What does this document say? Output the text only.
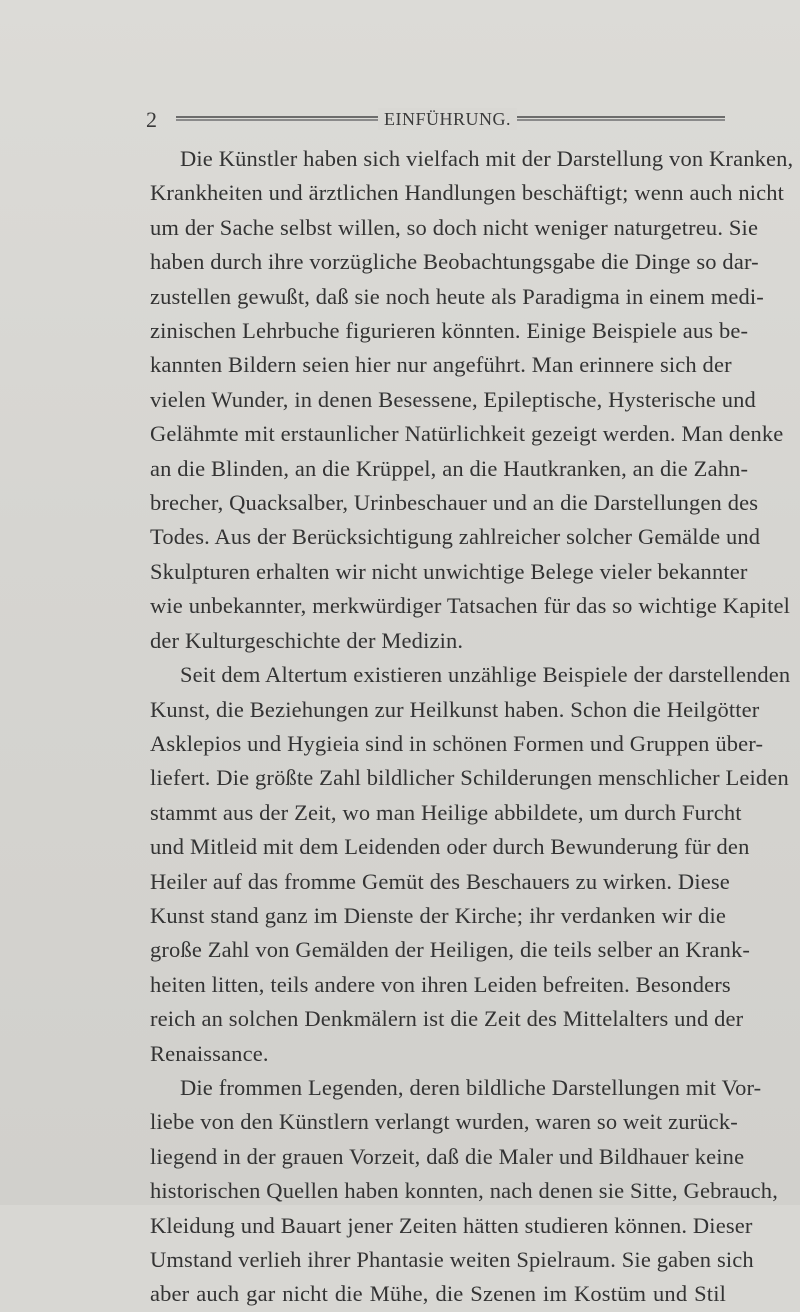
2	EINFÜHRUNG.
Die Künstler haben sich vielfach mit der Darstellung von Kranken,
Krankheiten und ärztlichen Handlungen beschäftigt; wenn auch nicht
um der Sache selbst willen, so doch nicht weniger naturgetreu. Sie
haben durch ihre vorzügliche Beobachtungsgabe die Dinge so dar-
zustellen gewußt, daß sie noch heute als Paradigma in einem medi-
zinischen Lehrbuche figurieren könnten. Einige Beispiele aus be-
kannten Bildern seien hier nur angeführt. Man erinnere sich der
vielen Wunder, in denen Besessene, Epileptische, Hysterische und
Gelähmte mit erstaunlicher Natürlichkeit gezeigt werden. Man denke
an die Blinden, an die Krüppel, an die Hautkranken, an die Zahn-
brecher, Quacksalber, Urinbeschauer und an die Darstellungen des
Todes. Aus der Berücksichtigung zahlreicher solcher Gemälde und
Skulpturen erhalten wir nicht unwichtige Belege vieler bekannter
wie unbekannter, merkwürdiger Tatsachen für das so wichtige Kapitel
der Kulturgeschichte der Medizin.
Seit dem Altertum existieren unzählige Beispiele der darstellenden
Kunst, die Beziehungen zur Heilkunst haben. Schon die Heilgötter
Asklepios und Hygieia sind in schönen Formen und Gruppen über-
liefert. Die größte Zahl bildlicher Schilderungen menschlicher Leiden
stammt aus der Zeit, wo man Heilige abbildete, um durch Furcht
und Mitleid mit dem Leidenden oder durch Bewunderung für den
Heiler auf das fromme Gemüt des Beschauers zu wirken. Diese
Kunst stand ganz im Dienste der Kirche; ihr verdanken wir die
große Zahl von Gemälden der Heiligen, die teils selber an Krank-
heiten litten, teils andere von ihren Leiden befreiten. Besonders
reich an solchen Denkmälern ist die Zeit des Mittelalters und der
Renaissance.
Die frommen Legenden, deren bildliche Darstellungen mit Vor-
liebe von den Künstlern verlangt wurden, waren so weit zurück-
liegend in der grauen Vorzeit, daß die Maler und Bildhauer keine
historischen Quellen haben konnten, nach denen sie Sitte, Gebrauch,
Kleidung und Bauart jener Zeiten hätten studieren können. Dieser
Umstand verlieh ihrer Phantasie weiten Spielraum. Sie gaben sich
aber auch gar nicht die Mühe, die Szenen im Kostüm und Stil
